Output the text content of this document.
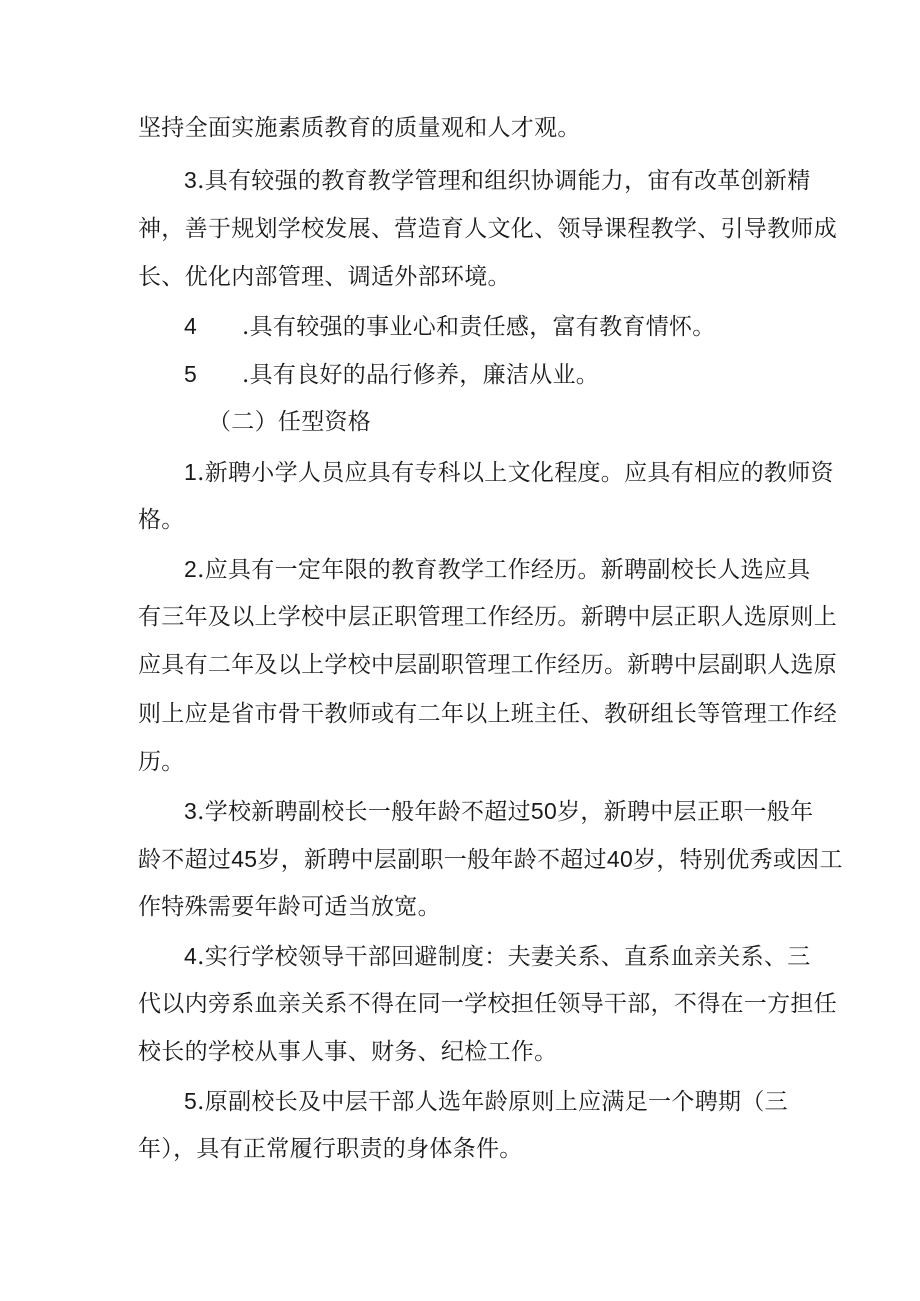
坚持全面实施素质教育的质量观和人才观。
3.具有较强的教育教学管理和组织协调能力，宙有改革创新精
神，善于规划学校发展、营造育人文化、领导课程教学、引导教师成
长、优化内部管理、调适外部环境。
4 .具有较强的事业心和责任感，富有教育情怀。
5 .具有良好的品行修养，廉洁从业。
（二）任型资格
1.新聘小学人员应具有专科以上文化程度。应具有相应的教师资
格。
2.应具有一定年限的教育教学工作经历。新聘副校长人选应具
有三年及以上学校中层正职管理工作经历。新聘中层正职人选原则上
应具有二年及以上学校中层副职管理工作经历。新聘中层副职人选原
则上应是省市骨干教师或有二年以上班主任、教研组长等管理工作经
历。
3.学校新聘副校长一般年龄不超过50岁，新聘中层正职一般年
龄不超过45岁，新聘中层副职一般年龄不超过40岁，特别优秀或因工
作特殊需要年龄可适当放宽。
4.实行学校领导干部回避制度：夫妻关系、直系血亲关系、三
代以内旁系血亲关系不得在同一学校担任领导干部，不得在一方担任
校长的学校从事人事、财务、纪检工作。
5.原副校长及中层干部人选年龄原则上应满足一个聘期（三
年），具有正常履行职责的身体条件。
